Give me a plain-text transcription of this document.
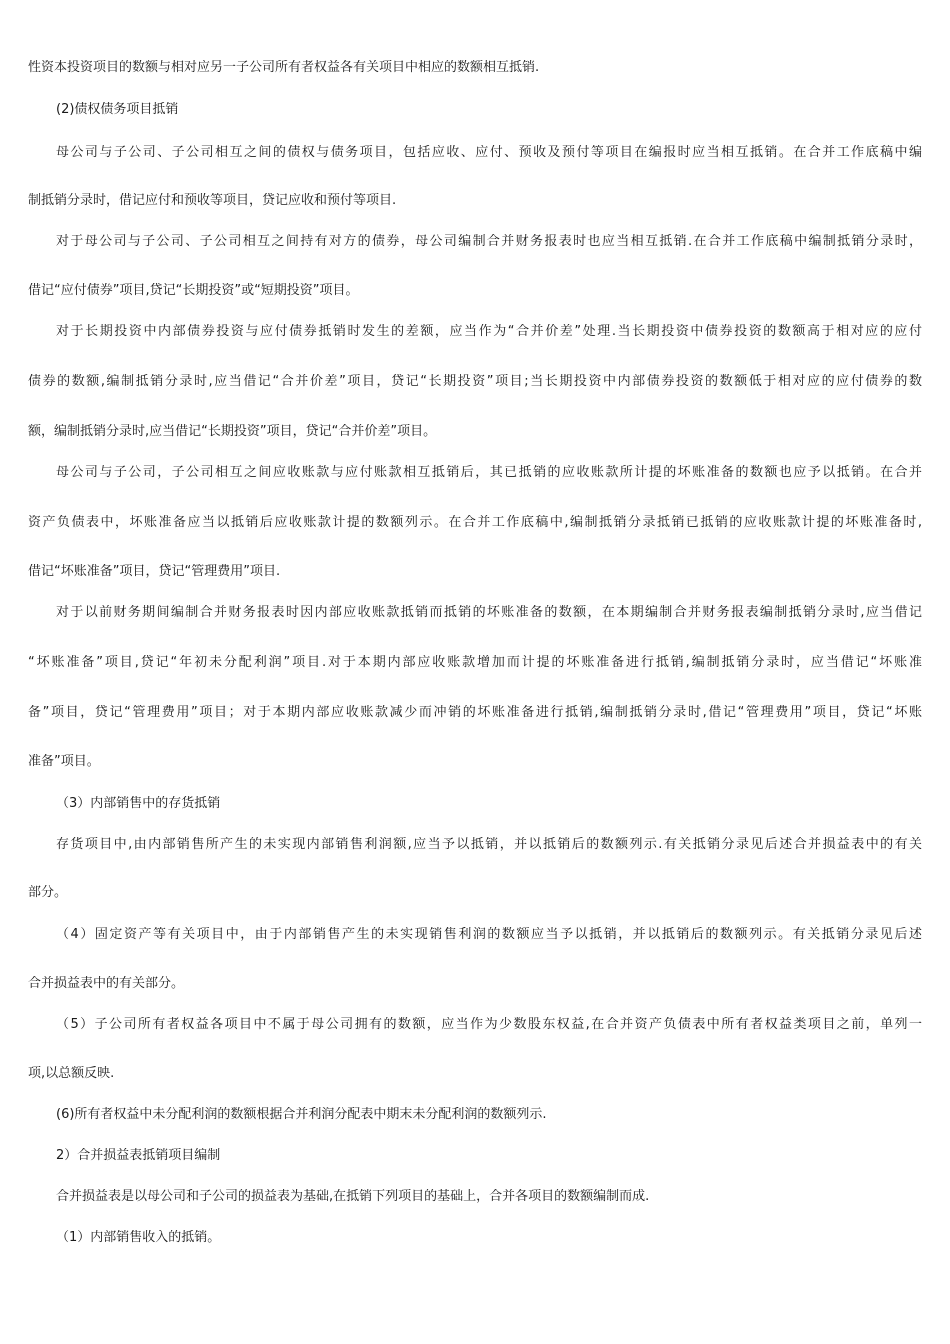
性资本投资项目的数额与相对应另一子公司所有者权益各有关项目中相应的数额相互抵销.
(2)债权债务项目抵销
母公司与子公司、子公司相互之间的债权与债务项目，包括应收、应付、预收及预付等项目在编报时应当相互抵销。在合并工作底稿中编
制抵销分录时，借记应付和预收等项目，贷记应收和预付等项目.
对于母公司与子公司、子公司相互之间持有对方的债券，母公司编制合并财务报表时也应当相互抵销.在合并工作底稿中编制抵销分录时，
借记“应付债券”项目,贷记“长期投资”或“短期投资”项目。
对于长期投资中内部债券投资与应付债券抵销时发生的差额，应当作为“合并价差”处理.当长期投资中债券投资的数额高于相对应的应付
债券的数额,编制抵销分录时,应当借记“合并价差”项目，贷记“长期投资”项目;当长期投资中内部债券投资的数额低于相对应的应付债券的数
额，编制抵销分录时,应当借记“长期投资”项目，贷记“合并价差”项目。
母公司与子公司，子公司相互之间应收账款与应付账款相互抵销后，其已抵销的应收账款所计提的坏账准备的数额也应予以抵销。在合并
资产负债表中，坏账准备应当以抵销后应收账款计提的数额列示。在合并工作底稿中,编制抵销分录抵销已抵销的应收账款计提的坏账准备时,
借记“坏账准备”项目，贷记“管理费用”项目.
对于以前财务期间编制合并财务报表时因内部应收账款抵销而抵销的坏账准备的数额，在本期编制合并财务报表编制抵销分录时,应当借记
“坏账准备”项目,贷记“年初未分配利润”项目.对于本期内部应收账款增加而计提的坏账准备进行抵销,编制抵销分录时，应当借记“坏账准
备”项目，贷记“管理费用”项目；对于本期内部应收账款减少而冲销的坏账准备进行抵销,编制抵销分录时,借记“管理费用”项目，贷记“坏账
准备”项目。
（3）内部销售中的存货抵销
存货项目中,由内部销售所产生的未实现内部销售利润额,应当予以抵销，并以抵销后的数额列示.有关抵销分录见后述合并损益表中的有关
部分。
（4）固定资产等有关项目中，由于内部销售产生的未实现销售利润的数额应当予以抵销，并以抵销后的数额列示。有关抵销分录见后述
合并损益表中的有关部分。
（5）子公司所有者权益各项目中不属于母公司拥有的数额，应当作为少数股东权益,在合并资产负债表中所有者权益类项目之前，单列一
项,以总额反映.
(6)所有者权益中未分配利润的数额根据合并利润分配表中期末未分配利润的数额列示.
2）合并损益表抵销项目编制
合并损益表是以母公司和子公司的损益表为基础,在抵销下列项目的基础上，合并各项目的数额编制而成.
（1）内部销售收入的抵销。
